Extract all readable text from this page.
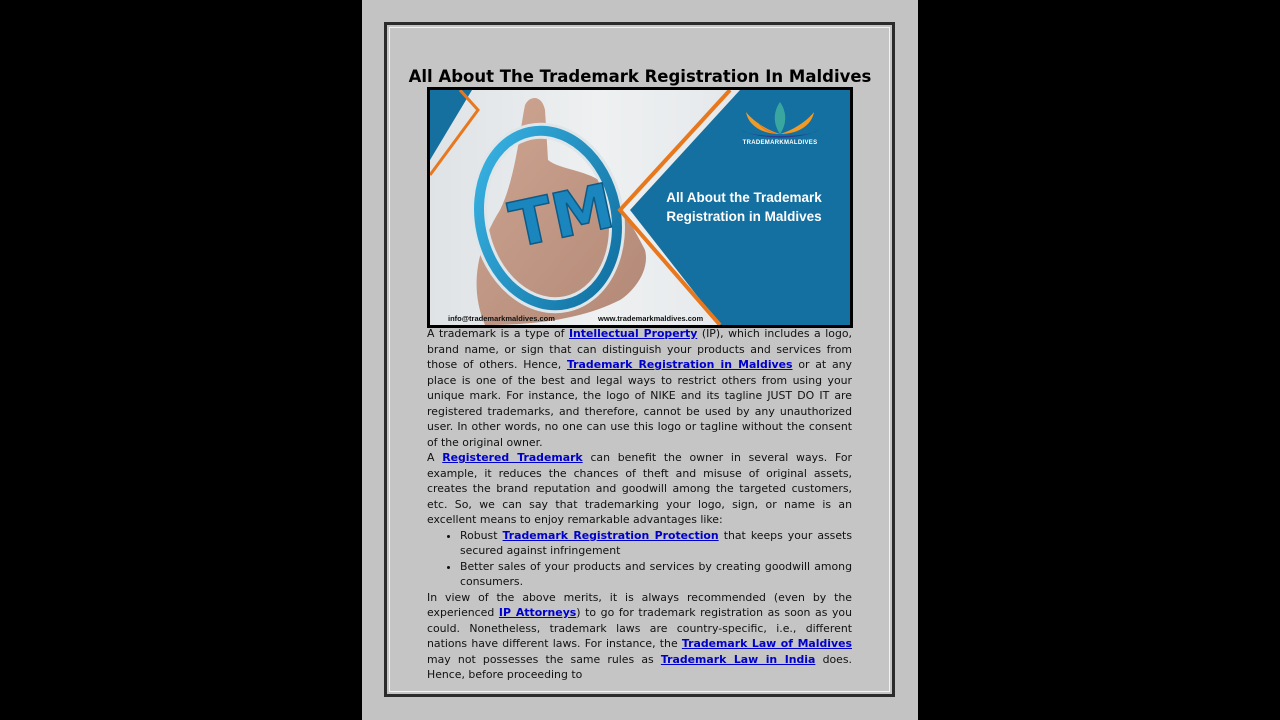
All About The Trademark Registration In Maldives
TM
TRADEMARKMALDIVES
All About the Trademark
Registration in Maldives
info@trademarkmaldives.com	www.trademarkmaldives.com

A trademark is a type of Intellectual Property (IP), which includes a logo, brand name, or sign that can distinguish your products and services from those of others. Hence, Trademark Registration in Maldives or at any place is one of the best and legal ways to restrict others from using your unique mark. For instance, the logo of NIKE and its tagline JUST DO IT are registered trademarks, and therefore, cannot be used by any unauthorized user. In other words, no one can use this logo or tagline without the consent of the original owner.

A Registered Trademark can benefit the owner in several ways. For example, it reduces the chances of theft and misuse of original assets, creates the brand reputation and goodwill among the targeted customers, etc. So, we can say that trademarking your logo, sign, or name is an excellent means to enjoy remarkable advantages like:

• Robust Trademark Registration Protection that keeps your assets secured against infringement
• Better sales of your products and services by creating goodwill among consumers.

In view of the above merits, it is always recommended (even by the experienced IP Attorneys) to go for trademark registration as soon as you could. Nonetheless, trademark laws are country-specific, i.e., different nations have different laws. For instance, the Trademark Law of Maldives may not possesses the same rules as Trademark Law in India does. Hence, before proceeding to
